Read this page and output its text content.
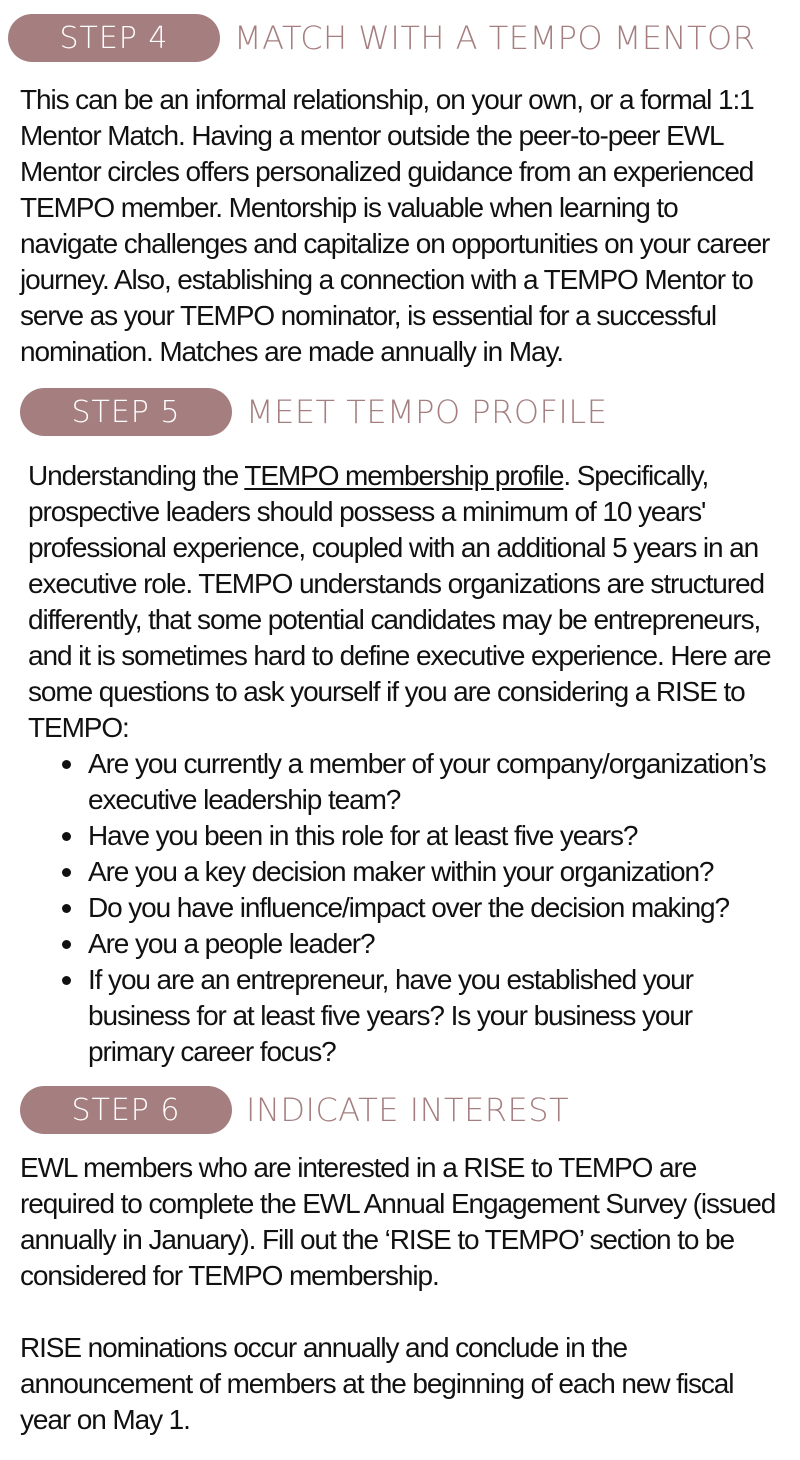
STEP 4	MATCH WITH A TEMPO MENTOR

This can be an informal relationship, on your own, or a formal 1:1 Mentor Match. Having a mentor outside the peer-to-peer EWL Mentor circles offers personalized guidance from an experienced TEMPO member. Mentorship is valuable when learning to navigate challenges and capitalize on opportunities on your career journey. Also, establishing a connection with a TEMPO Mentor to serve as your TEMPO nominator, is essential for a successful nomination. Matches are made annually in May.

STEP 5	MEET TEMPO PROFILE

Understanding the TEMPO membership profile. Specifically, prospective leaders should possess a minimum of 10 years' professional experience, coupled with an additional 5 years in an executive role. TEMPO understands organizations are structured differently, that some potential candidates may be entrepreneurs, and it is sometimes hard to define executive experience. Here are some questions to ask yourself if you are considering a RISE to TEMPO:

Are you currently a member of your company/organization’s executive leadership team?
Have you been in this role for at least five years?
Are you a key decision maker within your organization?
Do you have influence/impact over the decision making?
Are you a people leader?
If you are an entrepreneur, have you established your business for at least five years? Is your business your primary career focus?
STEP 6	INDICATE INTEREST

EWL members who are interested in a RISE to TEMPO are required to complete the EWL Annual Engagement Survey (issued annually in January). Fill out the ‘RISE to TEMPO’ section to be considered for TEMPO membership.

RISE nominations occur annually and conclude in the announcement of members at the beginning of each new fiscal year on May 1.
